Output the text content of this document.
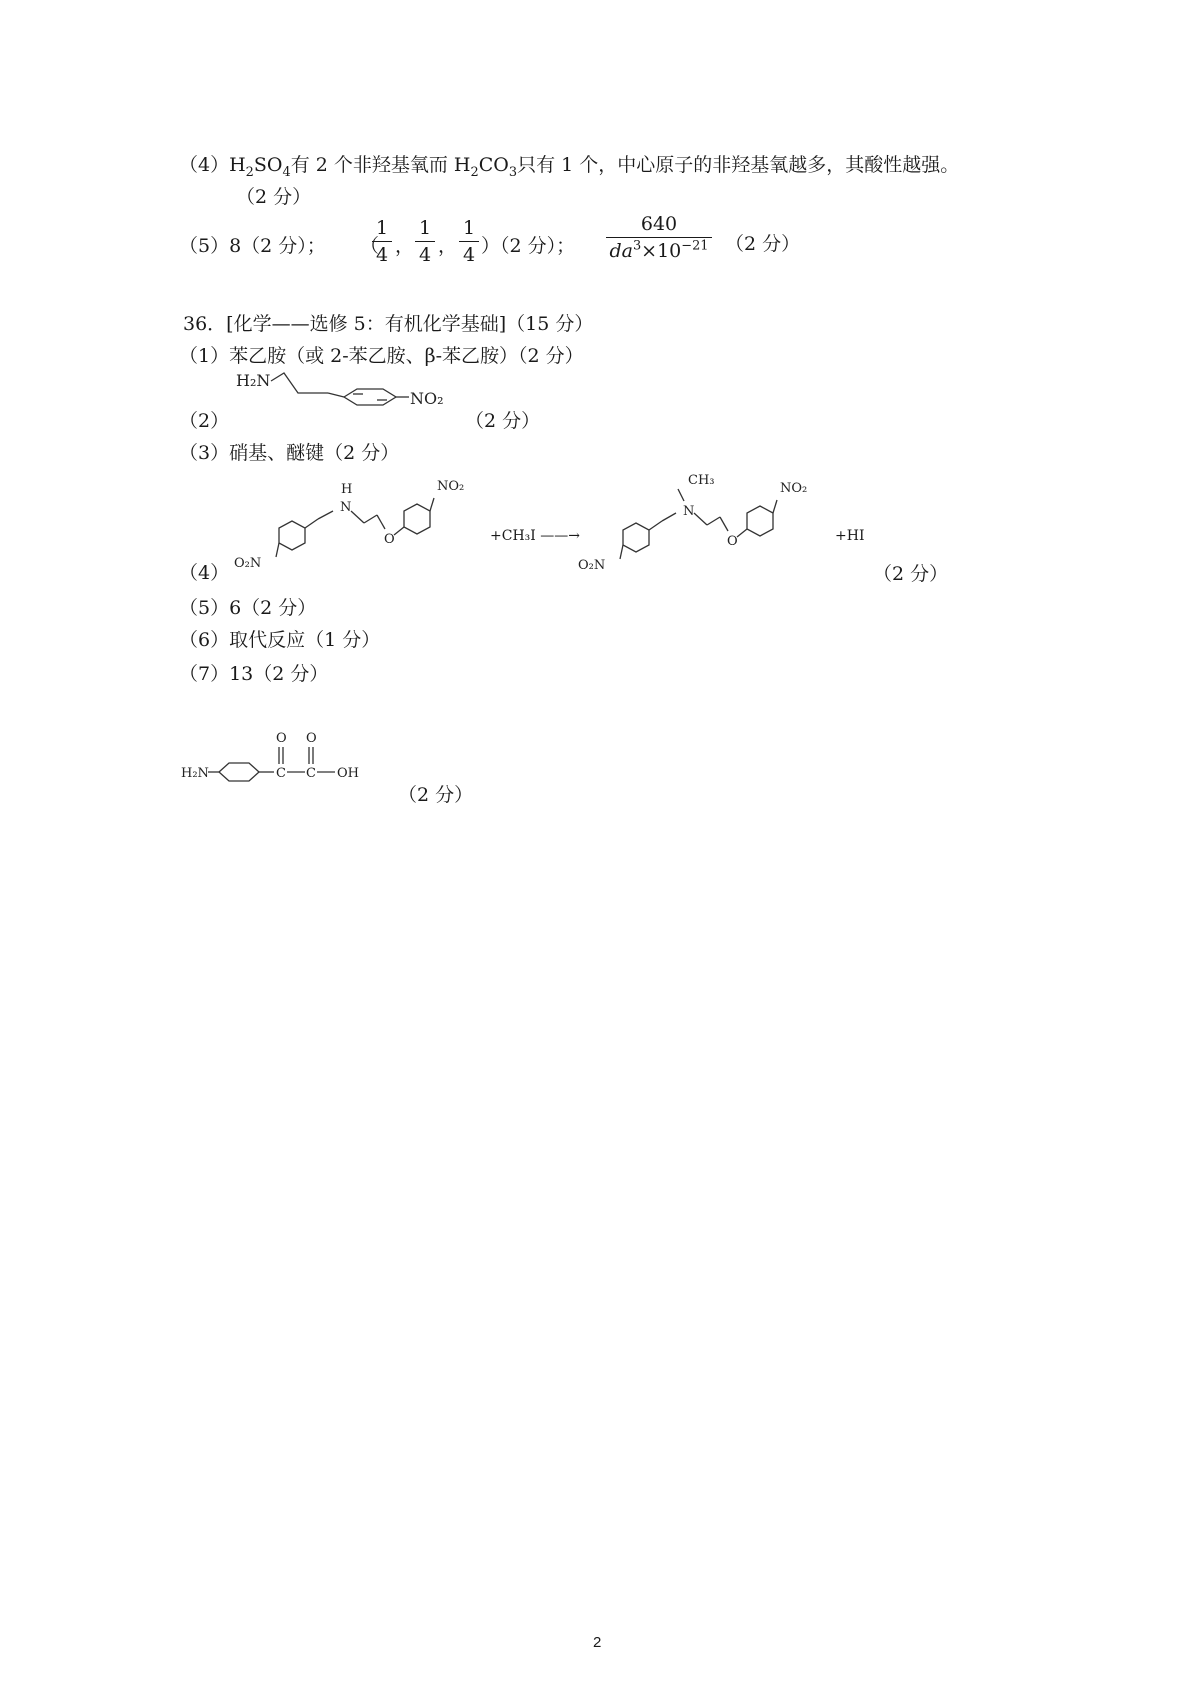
$(4)H_2SO_4$有 2 个非羟基氧而 $H_2CO_3$只有 1 个，中心原子的非羟基氧越多，其酸性越强。
（2 分）
（5）8（2 分）； （
1
4 ，
1
4 ，
1
4 ）（2 分）；
640
$da^3\times 10^{-21}$ （2 分）
36．[化学——选修 5：有机化学基础]（15 分）
（1）苯乙胺（或 2-苯乙胺、β-苯乙胺）（2 分）
H₂N
NO₂
（2）	（2 分）
（3）硝基、醚键（2 分）
O₂N
N
H
O
NO₂
（4）
+CH₃I ——→
O₂N
N
CH₃
O
NO₂
+HI
（2 分）
（5）6（2 分）
（6）取代反应（1 分）
（7）13（2 分）
H₂N	C
O
C
O
OH
（2 分）
2
